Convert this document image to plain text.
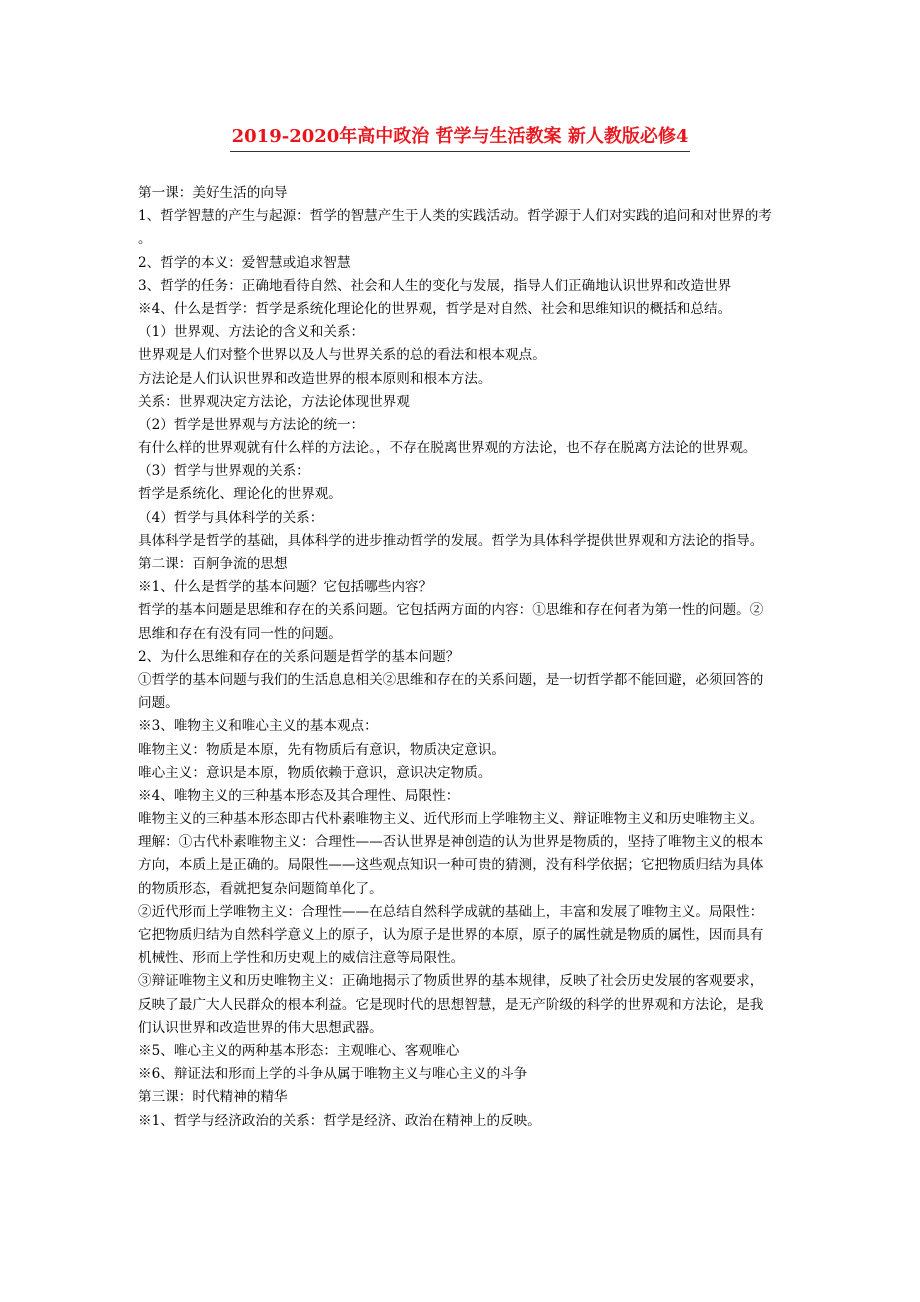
2019-2020年高中政治 哲学与生活教案 新人教版必修4

第一课：美好生活的向导

1、哲学智慧的产生与起源：哲学的智慧产生于人类的实践活动。哲学源于人们对实践的追问和对世界的考

。

2、哲学的本义：爱智慧或追求智慧

3、哲学的任务：正确地看待自然、社会和人生的变化与发展，指导人们正确地认识世界和改造世界

※4、什么是哲学：哲学是系统化理论化的世界观，哲学是对自然、社会和思维知识的概括和总结。

（1）世界观、方法论的含义和关系：

世界观是人们对整个世界以及人与世界关系的总的看法和根本观点。

方法论是人们认识世界和改造世界的根本原则和根本方法。

关系：世界观决定方法论，方法论体现世界观

（2）哲学是世界观与方法论的统一：

有什么样的世界观就有什么样的方法论。，不存在脱离世界观的方法论，也不存在脱离方法论的世界观。

（3）哲学与世界观的关系：

哲学是系统化、理论化的世界观。

（4）哲学与具体科学的关系：

具体科学是哲学的基础，具体科学的进步推动哲学的发展。哲学为具体科学提供世界观和方法论的指导。

第二课：百舸争流的思想

※1、什么是哲学的基本问题？它包括哪些内容？

哲学的基本问题是思维和存在的关系问题。它包括两方面的内容：①思维和存在何者为第一性的问题。②

思维和存在有没有同一性的问题。

2、为什么思维和存在的关系问题是哲学的基本问题？

①哲学的基本问题与我们的生活息息相关②思维和存在的关系问题，是一切哲学都不能回避，必须回答的

问题。

※3、唯物主义和唯心主义的基本观点：

唯物主义：物质是本原，先有物质后有意识，物质决定意识。

唯心主义：意识是本原，物质依赖于意识，意识决定物质。

※4、唯物主义的三种基本形态及其合理性、局限性：

唯物主义的三种基本形态即古代朴素唯物主义、近代形而上学唯物主义、辩证唯物主义和历史唯物主义。

理解：①古代朴素唯物主义：合理性——否认世界是神创造的认为世界是物质的，坚持了唯物主义的根本

方向，本质上是正确的。局限性——这些观点知识一种可贵的猜测，没有科学依据；它把物质归结为具体

的物质形态，看就把复杂问题简单化了。

②近代形而上学唯物主义：合理性——在总结自然科学成就的基础上，丰富和发展了唯物主义。局限性：

它把物质归结为自然科学意义上的原子，认为原子是世界的本原，原子的属性就是物质的属性，因而具有

机械性、形而上学性和历史观上的威信注意等局限性。

③辩证唯物主义和历史唯物主义：正确地揭示了物质世界的基本规律，反映了社会历史发展的客观要求，

反映了最广大人民群众的根本利益。它是现时代的思想智慧，是无产阶级的科学的世界观和方法论，是我

们认识世界和改造世界的伟大思想武器。

※5、唯心主义的两种基本形态：主观唯心、客观唯心

※6、辩证法和形而上学的斗争从属于唯物主义与唯心主义的斗争

第三课：时代精神的精华

※1、哲学与经济政治的关系：哲学是经济、政治在精神上的反映。
